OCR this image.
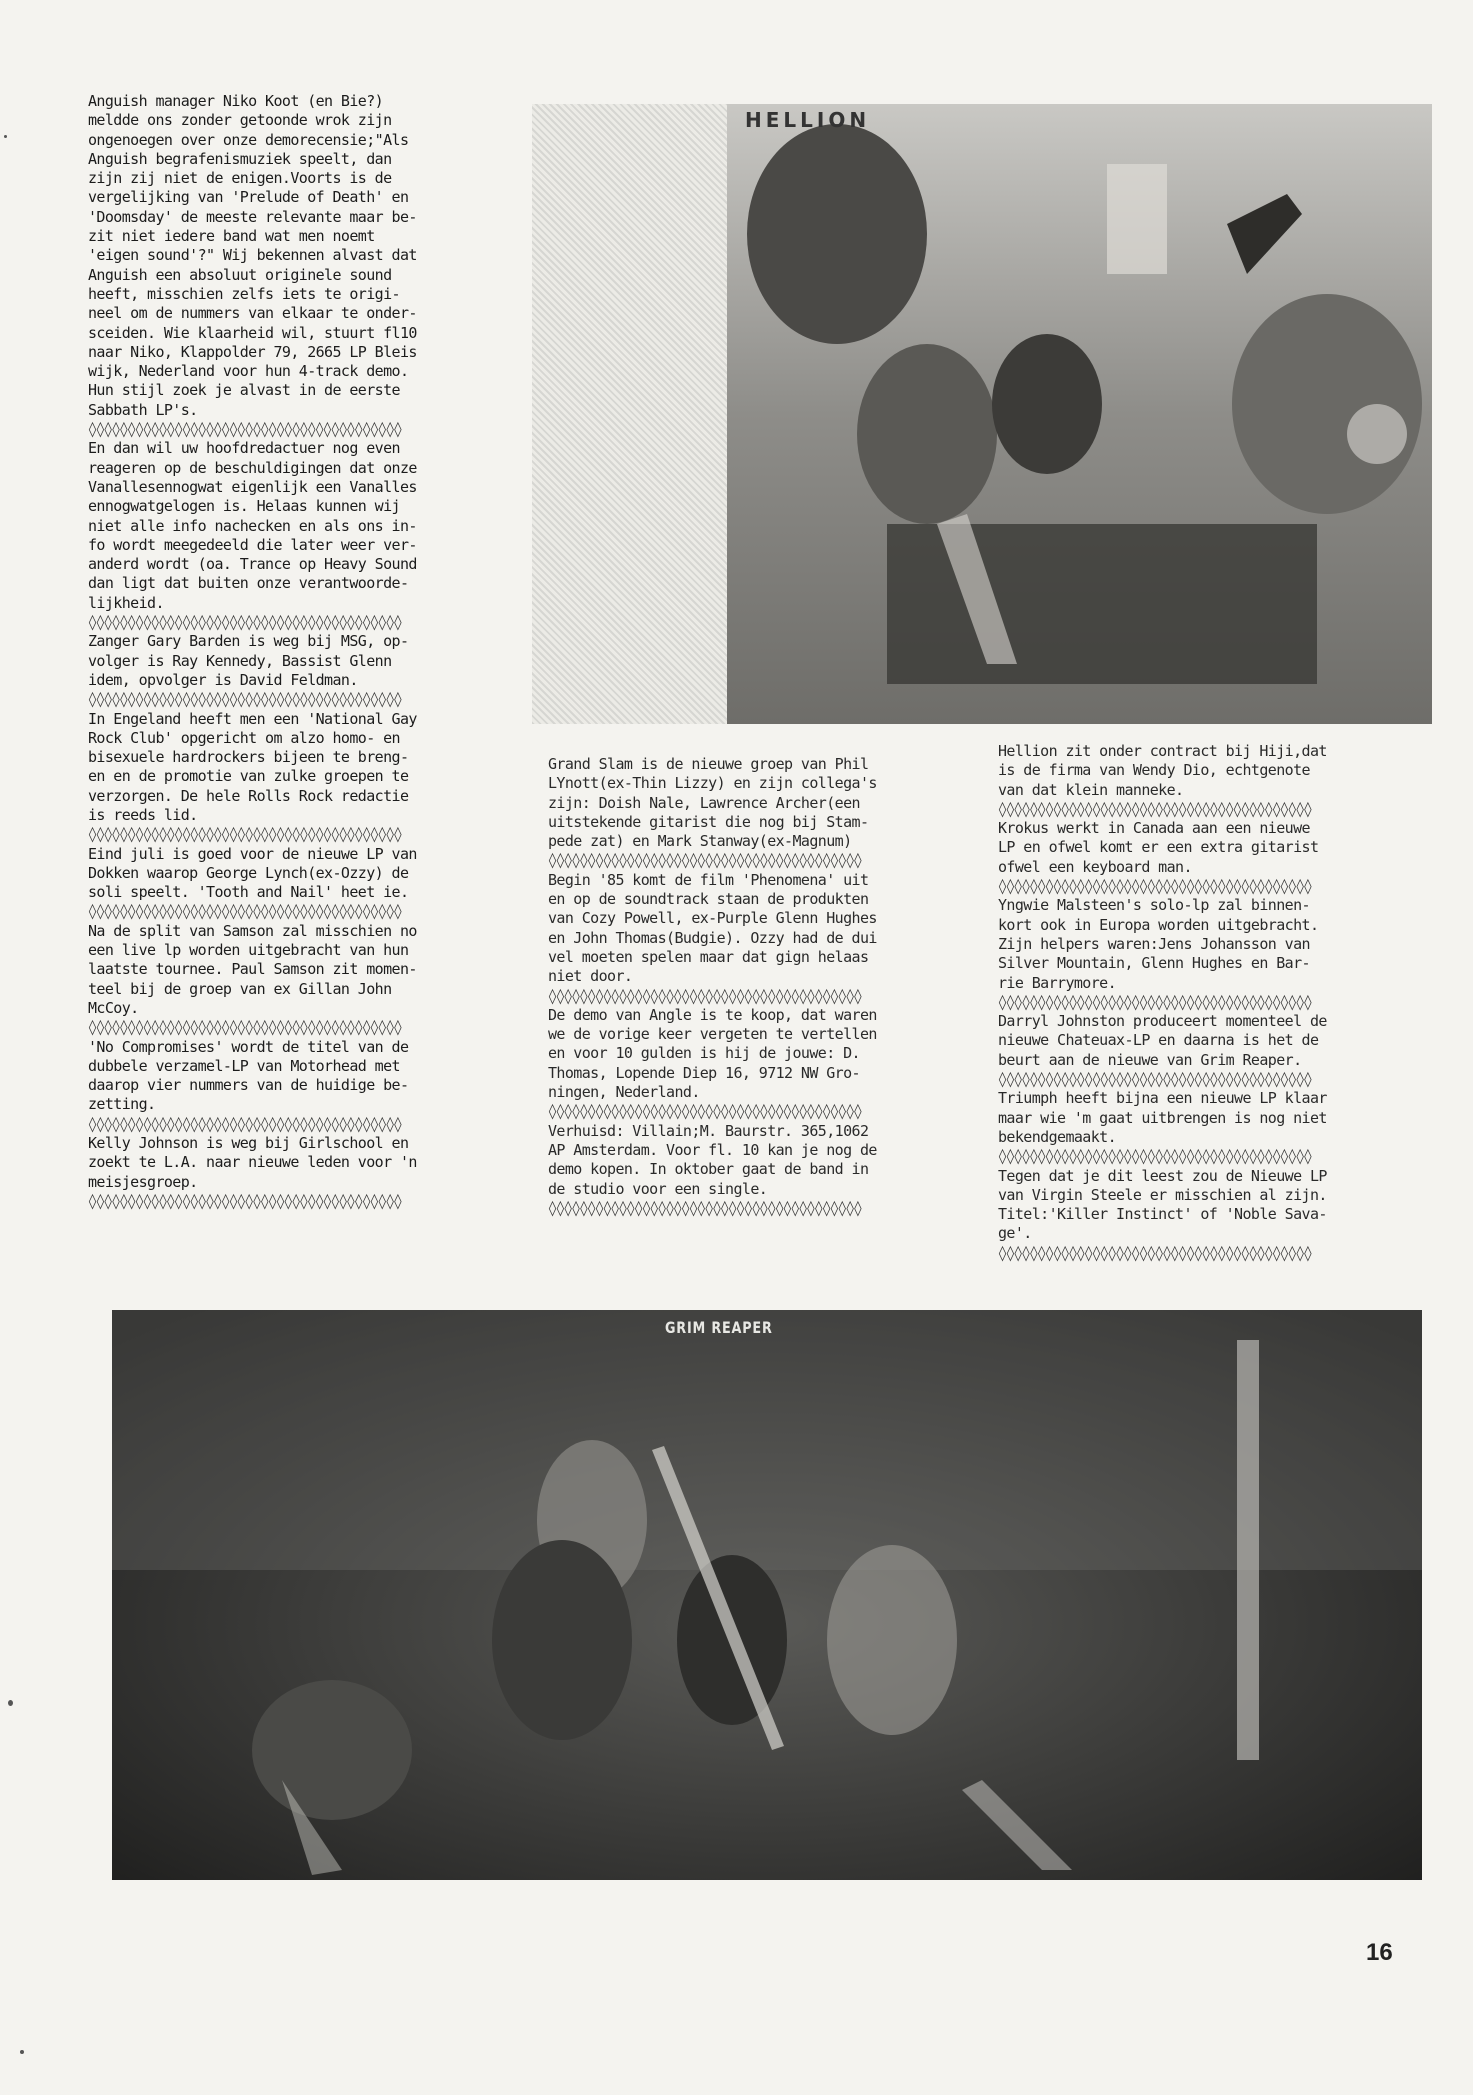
Anguish manager Niko Koot (en Bie?)
meldde ons zonder getoonde wrok zijn
ongenoegen over onze demorecensie;"Als
Anguish begrafenismuziek speelt, dan
zijn zij niet de enigen.Voorts is de
vergelijking van 'Prelude of Death' en
'Doomsday' de meeste relevante maar be-
zit niet iedere band wat men noemt
'eigen sound'?" Wij bekennen alvast dat
Anguish een absoluut originele sound
heeft, misschien zelfs iets te origi-
neel om de nummers van elkaar te onder-
sceiden. Wie klaarheid wil, stuurt fl10
naar Niko, Klappolder 79, 2665 LP Bleis
wijk, Nederland voor hun 4-track demo.
Hun stijl zoek je alvast in de eerste
Sabbath LP's.
◊◊◊◊◊◊◊◊◊◊◊◊◊◊◊◊◊◊◊◊◊◊◊◊◊◊◊◊◊◊◊◊◊◊◊◊◊◊◊◊
En dan wil uw hoofdredactuer nog even
reageren op de beschuldigingen dat onze
Vanallesennogwat eigenlijk een Vanalles
ennogwatgelogen is. Helaas kunnen wij
niet alle info nachecken en als ons in-
fo wordt meegedeeld die later weer ver-
anderd wordt (oa. Trance op Heavy Sound
dan ligt dat buiten onze verantwoorde-
lijkheid.
◊◊◊◊◊◊◊◊◊◊◊◊◊◊◊◊◊◊◊◊◊◊◊◊◊◊◊◊◊◊◊◊◊◊◊◊◊◊◊◊
Zanger Gary Barden is weg bij MSG, op-
volger is Ray Kennedy, Bassist Glenn
idem, opvolger is David Feldman.
◊◊◊◊◊◊◊◊◊◊◊◊◊◊◊◊◊◊◊◊◊◊◊◊◊◊◊◊◊◊◊◊◊◊◊◊◊◊◊◊
In Engeland heeft men een 'National Gay
Rock Club' opgericht om alzo homo- en
bisexuele hardrockers bijeen te breng-
en en de promotie van zulke groepen te
verzorgen. De hele Rolls Rock redactie
is reeds lid.
◊◊◊◊◊◊◊◊◊◊◊◊◊◊◊◊◊◊◊◊◊◊◊◊◊◊◊◊◊◊◊◊◊◊◊◊◊◊◊◊
Eind juli is goed voor de nieuwe LP van
Dokken waarop George Lynch(ex-Ozzy) de
soli speelt. 'Tooth and Nail' heet ie.
◊◊◊◊◊◊◊◊◊◊◊◊◊◊◊◊◊◊◊◊◊◊◊◊◊◊◊◊◊◊◊◊◊◊◊◊◊◊◊◊
Na de split van Samson zal misschien no
een live lp worden uitgebracht van hun
laatste tournee. Paul Samson zit momen-
teel bij de groep van ex Gillan John
McCoy.
◊◊◊◊◊◊◊◊◊◊◊◊◊◊◊◊◊◊◊◊◊◊◊◊◊◊◊◊◊◊◊◊◊◊◊◊◊◊◊◊
'No Compromises' wordt de titel van de
dubbele verzamel-LP van Motorhead met
daarop vier nummers van de huidige be-
zetting.
◊◊◊◊◊◊◊◊◊◊◊◊◊◊◊◊◊◊◊◊◊◊◊◊◊◊◊◊◊◊◊◊◊◊◊◊◊◊◊◊
Kelly Johnson is weg bij Girlschool en
zoekt te L.A. naar nieuwe leden voor 'n
meisjesgroep.
◊◊◊◊◊◊◊◊◊◊◊◊◊◊◊◊◊◊◊◊◊◊◊◊◊◊◊◊◊◊◊◊◊◊◊◊◊◊◊◊
HELLION
Grand Slam is de nieuwe groep van Phil
LYnott(ex-Thin Lizzy) en zijn collega's
zijn: Doish Nale, Lawrence Archer(een
uitstekende gitarist die nog bij Stam-
pede zat) en Mark Stanway(ex-Magnum)
◊◊◊◊◊◊◊◊◊◊◊◊◊◊◊◊◊◊◊◊◊◊◊◊◊◊◊◊◊◊◊◊◊◊◊◊◊◊◊◊
Begin '85 komt de film 'Phenomena' uit
en op de soundtrack staan de produkten
van Cozy Powell, ex-Purple Glenn Hughes
en John Thomas(Budgie). Ozzy had de dui
vel moeten spelen maar dat gign helaas
niet door.
◊◊◊◊◊◊◊◊◊◊◊◊◊◊◊◊◊◊◊◊◊◊◊◊◊◊◊◊◊◊◊◊◊◊◊◊◊◊◊◊
De demo van Angle is te koop, dat waren
we de vorige keer vergeten te vertellen
en voor 10 gulden is hij de jouwe: D.
Thomas, Lopende Diep 16, 9712 NW Gro-
ningen, Nederland.
◊◊◊◊◊◊◊◊◊◊◊◊◊◊◊◊◊◊◊◊◊◊◊◊◊◊◊◊◊◊◊◊◊◊◊◊◊◊◊◊
Verhuisd: Villain;M. Baurstr. 365,1062
AP Amsterdam. Voor fl. 10 kan je nog de
demo kopen. In oktober gaat de band in
de studio voor een single.
◊◊◊◊◊◊◊◊◊◊◊◊◊◊◊◊◊◊◊◊◊◊◊◊◊◊◊◊◊◊◊◊◊◊◊◊◊◊◊◊
Hellion zit onder contract bij Hiji,dat
is de firma van Wendy Dio, echtgenote
van dat klein manneke.
◊◊◊◊◊◊◊◊◊◊◊◊◊◊◊◊◊◊◊◊◊◊◊◊◊◊◊◊◊◊◊◊◊◊◊◊◊◊◊◊
Krokus werkt in Canada aan een nieuwe
LP en ofwel komt er een extra gitarist
ofwel een keyboard man.
◊◊◊◊◊◊◊◊◊◊◊◊◊◊◊◊◊◊◊◊◊◊◊◊◊◊◊◊◊◊◊◊◊◊◊◊◊◊◊◊
Yngwie Malsteen's solo-lp zal binnen-
kort ook in Europa worden uitgebracht.
Zijn helpers waren:Jens Johansson van
Silver Mountain, Glenn Hughes en Bar-
rie Barrymore.
◊◊◊◊◊◊◊◊◊◊◊◊◊◊◊◊◊◊◊◊◊◊◊◊◊◊◊◊◊◊◊◊◊◊◊◊◊◊◊◊
Darryl Johnston produceert momenteel de
nieuwe Chateuax-LP en daarna is het de
beurt aan de nieuwe van Grim Reaper.
◊◊◊◊◊◊◊◊◊◊◊◊◊◊◊◊◊◊◊◊◊◊◊◊◊◊◊◊◊◊◊◊◊◊◊◊◊◊◊◊
Triumph heeft bijna een nieuwe LP klaar
maar wie 'm gaat uitbrengen is nog niet
bekendgemaakt.
◊◊◊◊◊◊◊◊◊◊◊◊◊◊◊◊◊◊◊◊◊◊◊◊◊◊◊◊◊◊◊◊◊◊◊◊◊◊◊◊
Tegen dat je dit leest zou de Nieuwe LP
van Virgin Steele er misschien al zijn.
Titel:'Killer Instinct' of 'Noble Sava-
ge'.
◊◊◊◊◊◊◊◊◊◊◊◊◊◊◊◊◊◊◊◊◊◊◊◊◊◊◊◊◊◊◊◊◊◊◊◊◊◊◊◊
GRIM REAPER
16
